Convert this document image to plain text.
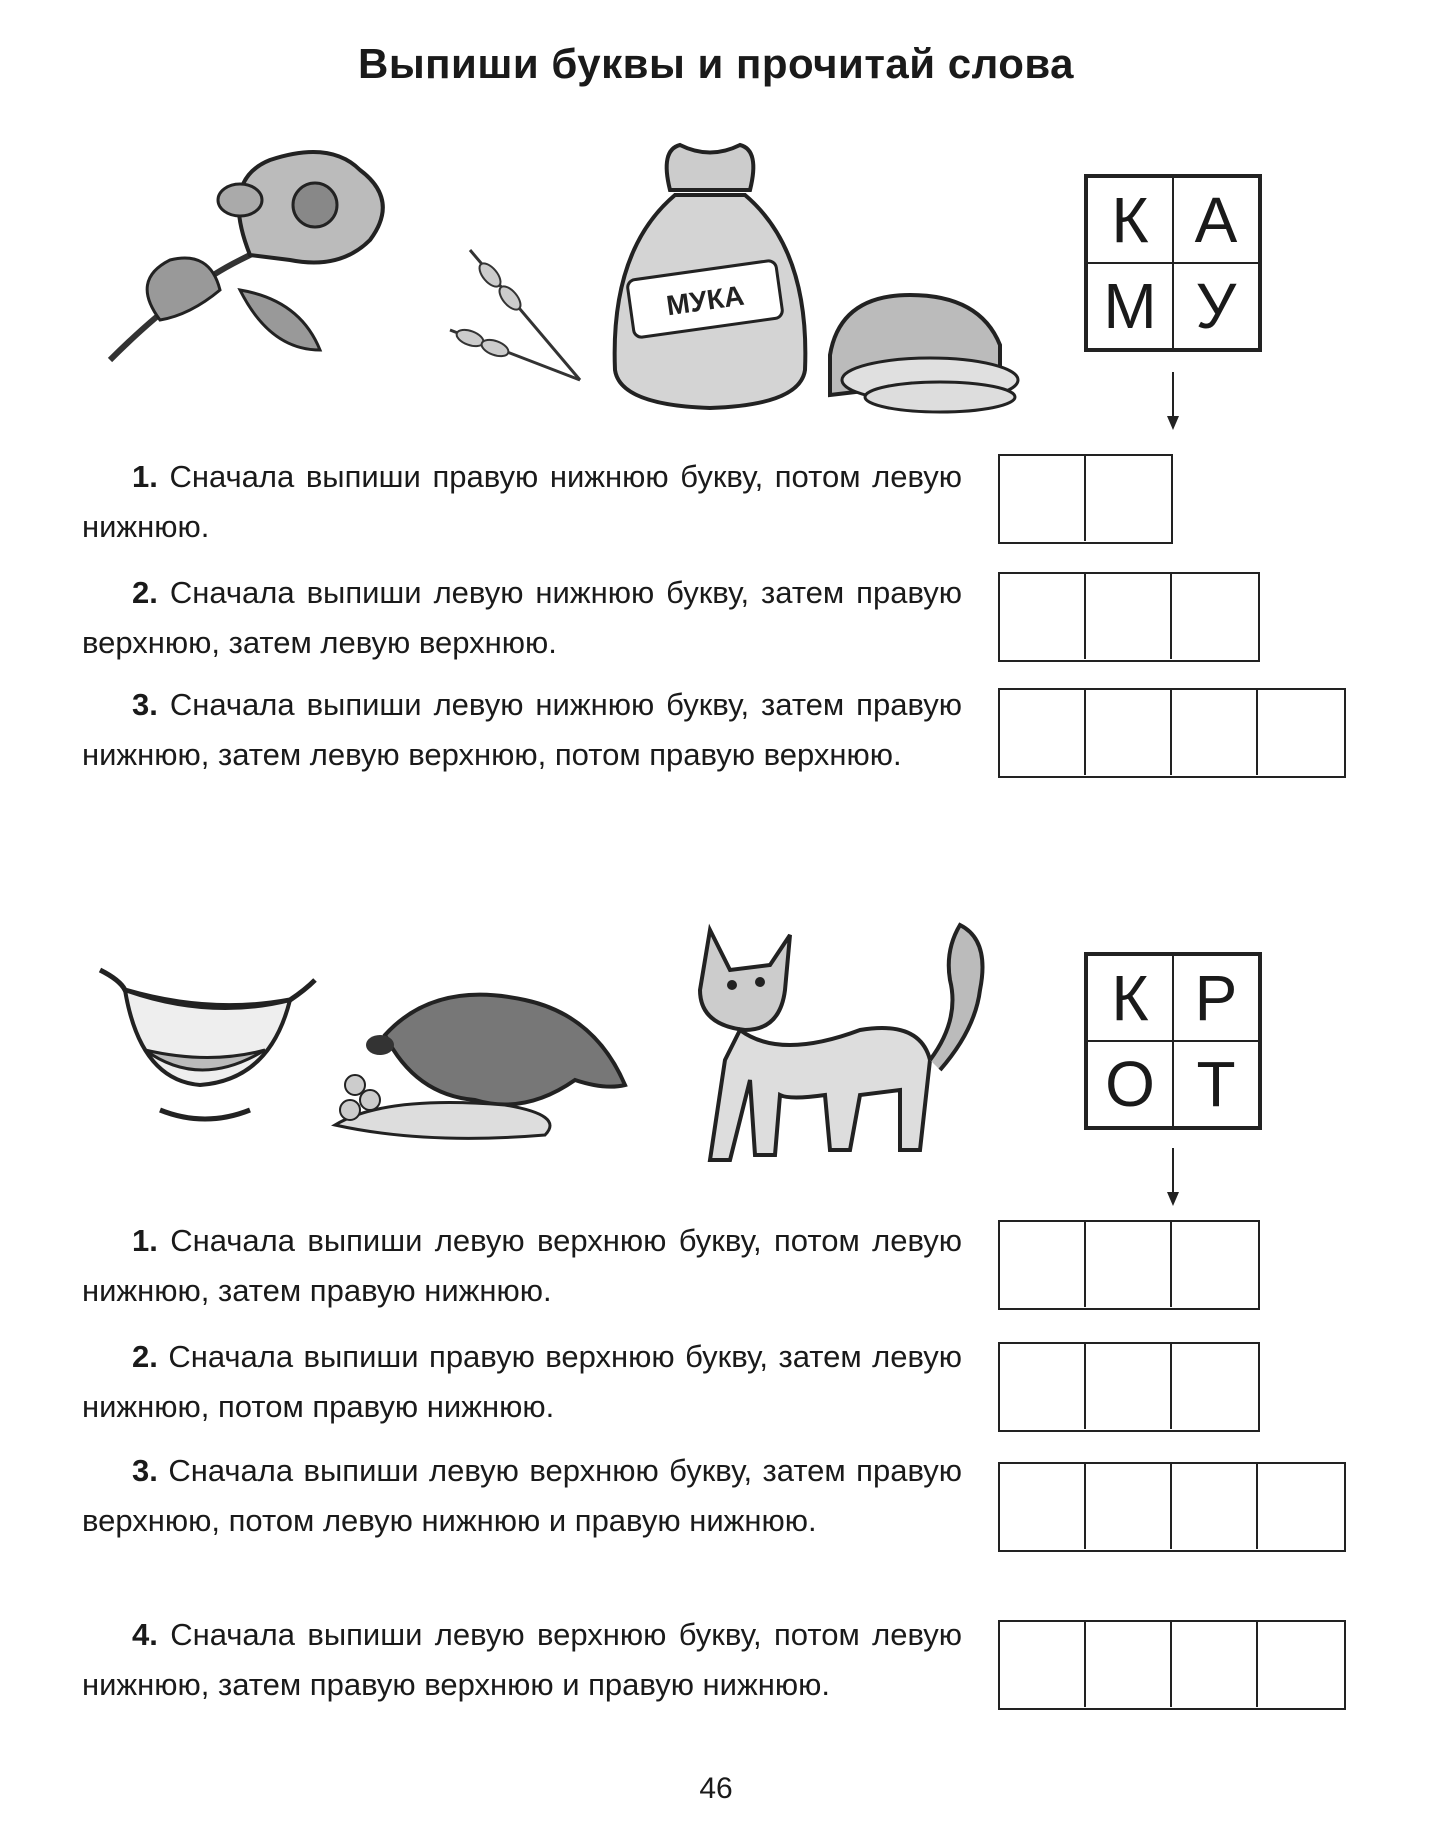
Выпиши буквы и прочитай слова
МУКА
К А
М У
1. Сначала выпиши правую нижнюю букву, потом левую нижнюю.
2. Сначала выпиши левую нижнюю букву, затем правую верхнюю, затем левую верхнюю.
3. Сначала выпиши левую нижнюю букву, затем правую нижнюю, затем левую верхнюю, потом правую верхнюю.
К Р
О Т
1. Сначала выпиши левую верхнюю букву, потом левую нижнюю, затем правую нижнюю.
2. Сначала выпиши правую верхнюю букву, затем левую нижнюю, потом правую нижнюю.
3. Сначала выпиши левую верхнюю букву, затем правую верхнюю, потом левую нижнюю и правую нижнюю.
4. Сначала выпиши левую верхнюю букву, потом левую нижнюю, затем правую верхнюю и правую нижнюю.
46
